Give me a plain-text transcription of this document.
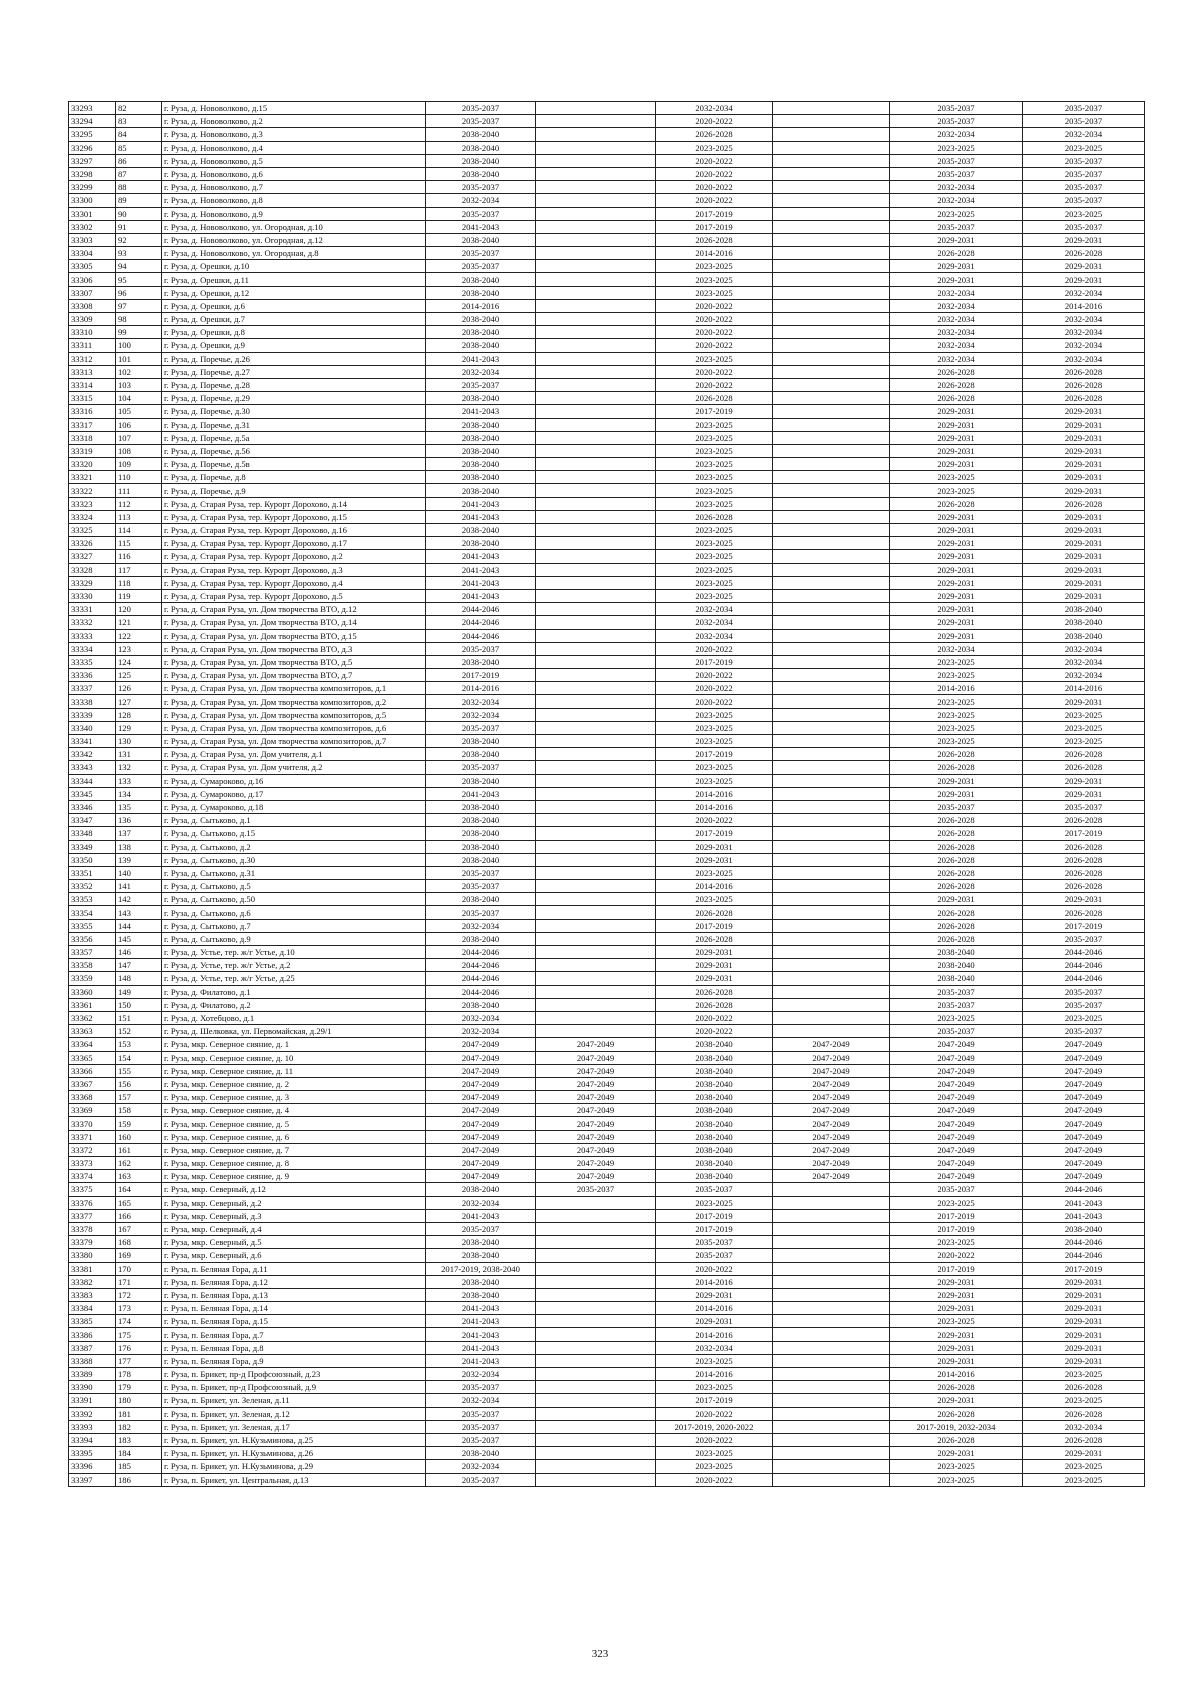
33293	82	г. Руза, д. Нововолково, д.15	2035-2037		2032-2034		2035-2037	2035-2037
33294	83	г. Руза, д. Нововолково, д.2	2035-2037		2020-2022		2035-2037	2035-2037
33295	84	г. Руза, д. Нововолково, д.3	2038-2040		2026-2028		2032-2034	2032-2034
33296	85	г. Руза, д. Нововолково, д.4	2038-2040		2023-2025		2023-2025	2023-2025
33297	86	г. Руза, д. Нововолково, д.5	2038-2040		2020-2022		2035-2037	2035-2037
33298	87	г. Руза, д. Нововолково, д.6	2038-2040		2020-2022		2035-2037	2035-2037
33299	88	г. Руза, д. Нововолково, д.7	2035-2037		2020-2022		2032-2034	2035-2037
33300	89	г. Руза, д. Нововолково, д.8	2032-2034		2020-2022		2032-2034	2035-2037
33301	90	г. Руза, д. Нововолково, д.9	2035-2037		2017-2019		2023-2025	2023-2025
33302	91	г. Руза, д. Нововолково, ул. Огородная, д.10	2041-2043		2017-2019		2035-2037	2035-2037
33303	92	г. Руза, д. Нововолково, ул. Огородная, д.12	2038-2040		2026-2028		2029-2031	2029-2031
33304	93	г. Руза, д. Нововолково, ул. Огородная, д.8	2035-2037		2014-2016		2026-2028	2026-2028
33305	94	г. Руза, д. Орешки, д.10	2035-2037		2023-2025		2029-2031	2029-2031
33306	95	г. Руза, д. Орешки, д.11	2038-2040		2023-2025		2029-2031	2029-2031
33307	96	г. Руза, д. Орешки, д.12	2038-2040		2023-2025		2032-2034	2032-2034
33308	97	г. Руза, д. Орешки, д.6	2014-2016		2020-2022		2032-2034	2014-2016
33309	98	г. Руза, д. Орешки, д.7	2038-2040		2020-2022		2032-2034	2032-2034
33310	99	г. Руза, д. Орешки, д.8	2038-2040		2020-2022		2032-2034	2032-2034
33311	100	г. Руза, д. Орешки, д.9	2038-2040		2020-2022		2032-2034	2032-2034
33312	101	г. Руза, д. Поречье, д.26	2041-2043		2023-2025		2032-2034	2032-2034
33313	102	г. Руза, д. Поречье, д.27	2032-2034		2020-2022		2026-2028	2026-2028
33314	103	г. Руза, д. Поречье, д.28	2035-2037		2020-2022		2026-2028	2026-2028
33315	104	г. Руза, д. Поречье, д.29	2038-2040		2026-2028		2026-2028	2026-2028
33316	105	г. Руза, д. Поречье, д.30	2041-2043		2017-2019		2029-2031	2029-2031
33317	106	г. Руза, д. Поречье, д.31	2038-2040		2023-2025		2029-2031	2029-2031
33318	107	г. Руза, д. Поречье, д.5а	2038-2040		2023-2025		2029-2031	2029-2031
33319	108	г. Руза, д. Поречье, д.56	2038-2040		2023-2025		2029-2031	2029-2031
33320	109	г. Руза, д. Поречье, д.5в	2038-2040		2023-2025		2029-2031	2029-2031
33321	110	г. Руза, д. Поречье, д.8	2038-2040		2023-2025		2023-2025	2029-2031
33322	111	г. Руза, д. Поречье, д.9	2038-2040		2023-2025		2023-2025	2029-2031
33323	112	г. Руза, д. Старая Руза, тер. Курорт Дорохово, д.14	2041-2043		2023-2025		2026-2028	2026-2028
33324	113	г. Руза, д. Старая Руза, тер. Курорт Дорохово, д.15	2041-2043		2026-2028		2029-2031	2029-2031
33325	114	г. Руза, д. Старая Руза, тер. Курорт Дорохово, д.16	2038-2040		2023-2025		2029-2031	2029-2031
33326	115	г. Руза, д. Старая Руза, тер. Курорт Дорохово, д.17	2038-2040		2023-2025		2029-2031	2029-2031
33327	116	г. Руза, д. Старая Руза, тер. Курорт Дорохово, д.2	2041-2043		2023-2025		2029-2031	2029-2031
33328	117	г. Руза, д. Старая Руза, тер. Курорт Дорохово, д.3	2041-2043		2023-2025		2029-2031	2029-2031
33329	118	г. Руза, д. Старая Руза, тер. Курорт Дорохово, д.4	2041-2043		2023-2025		2029-2031	2029-2031
33330	119	г. Руза, д. Старая Руза, тер. Курорт Дорохово, д.5	2041-2043		2023-2025		2029-2031	2029-2031
33331	120	г. Руза, д. Старая Руза, ул. Дом творчества ВТО, д.12	2044-2046		2032-2034		2029-2031	2038-2040
33332	121	г. Руза, д. Старая Руза, ул. Дом творчества ВТО, д.14	2044-2046		2032-2034		2029-2031	2038-2040
33333	122	г. Руза, д. Старая Руза, ул. Дом творчества ВТО, д.15	2044-2046		2032-2034		2029-2031	2038-2040
33334	123	г. Руза, д. Старая Руза, ул. Дом творчества ВТО, д.3	2035-2037		2020-2022		2032-2034	2032-2034
33335	124	г. Руза, д. Старая Руза, ул. Дом творчества ВТО, д.5	2038-2040		2017-2019		2023-2025	2032-2034
33336	125	г. Руза, д. Старая Руза, ул. Дом творчества ВТО, д.7	2017-2019		2020-2022		2023-2025	2032-2034
33337	126	г. Руза, д. Старая Руза, ул. Дом творчества композиторов, д.1	2014-2016		2020-2022		2014-2016	2014-2016
33338	127	г. Руза, д. Старая Руза, ул. Дом творчества композиторов, д.2	2032-2034		2020-2022		2023-2025	2029-2031
33339	128	г. Руза, д. Старая Руза, ул. Дом творчества композиторов, д.5	2032-2034		2023-2025		2023-2025	2023-2025
33340	129	г. Руза, д. Старая Руза, ул. Дом творчества композиторов, д.6	2035-2037		2023-2025		2023-2025	2023-2025
33341	130	г. Руза, д. Старая Руза, ул. Дом творчества композиторов, д.7	2038-2040		2023-2025		2023-2025	2023-2025
33342	131	г. Руза, д. Старая Руза, ул. Дом учителя, д.1	2038-2040		2017-2019		2026-2028	2026-2028
33343	132	г. Руза, д. Старая Руза, ул. Дом учителя, д.2	2035-2037		2023-2025		2026-2028	2026-2028
33344	133	г. Руза, д. Сумароково, д.16	2038-2040		2023-2025		2029-2031	2029-2031
33345	134	г. Руза, д. Сумароково, д.17	2041-2043		2014-2016		2029-2031	2029-2031
33346	135	г. Руза, д. Сумароково, д.18	2038-2040		2014-2016		2035-2037	2035-2037
33347	136	г. Руза, д. Сытьково, д.1	2038-2040		2020-2022		2026-2028	2026-2028
33348	137	г. Руза, д. Сытьково, д.15	2038-2040		2017-2019		2026-2028	2017-2019
33349	138	г. Руза, д. Сытьково, д.2	2038-2040		2029-2031		2026-2028	2026-2028
33350	139	г. Руза, д. Сытьково, д.30	2038-2040		2029-2031		2026-2028	2026-2028
33351	140	г. Руза, д. Сытьково, д.31	2035-2037		2023-2025		2026-2028	2026-2028
33352	141	г. Руза, д. Сытьково, д.5	2035-2037		2014-2016		2026-2028	2026-2028
33353	142	г. Руза, д. Сытьково, д.50	2038-2040		2023-2025		2029-2031	2029-2031
33354	143	г. Руза, д. Сытьково, д.6	2035-2037		2026-2028		2026-2028	2026-2028
33355	144	г. Руза, д. Сытьково, д.7	2032-2034		2017-2019		2026-2028	2017-2019
33356	145	г. Руза, д. Сытьково, д.9	2038-2040		2026-2028		2026-2028	2035-2037
33357	146	г. Руза, д. Устье, тер. ж/г Устье, д.10	2044-2046		2029-2031		2038-2040	2044-2046
33358	147	г. Руза, д. Устье, тер. ж/г Устье, д.2	2044-2046		2029-2031		2038-2040	2044-2046
33359	148	г. Руза, д. Устье, тер. ж/г Устье, д.25	2044-2046		2029-2031		2038-2040	2044-2046
33360	149	г. Руза, д. Филатово, д.1	2044-2046		2026-2028		2035-2037	2035-2037
33361	150	г. Руза, д. Филатово, д.2	2038-2040		2026-2028		2035-2037	2035-2037
33362	151	г. Руза, д. Хотебцово, д.1	2032-2034		2020-2022		2023-2025	2023-2025
33363	152	г. Руза, д. Шелковка, ул. Первомайская, д.29/1	2032-2034		2020-2022		2035-2037	2035-2037
33364	153	г. Руза, мкр. Северное сияние, д. 1	2047-2049	2047-2049	2038-2040	2047-2049	2047-2049	2047-2049
33365	154	г. Руза, мкр. Северное сияние, д. 10	2047-2049	2047-2049	2038-2040	2047-2049	2047-2049	2047-2049
33366	155	г. Руза, мкр. Северное сияние, д. 11	2047-2049	2047-2049	2038-2040	2047-2049	2047-2049	2047-2049
33367	156	г. Руза, мкр. Северное сияние, д. 2	2047-2049	2047-2049	2038-2040	2047-2049	2047-2049	2047-2049
33368	157	г. Руза, мкр. Северное сияние, д. 3	2047-2049	2047-2049	2038-2040	2047-2049	2047-2049	2047-2049
33369	158	г. Руза, мкр. Северное сияние, д. 4	2047-2049	2047-2049	2038-2040	2047-2049	2047-2049	2047-2049
33370	159	г. Руза, мкр. Северное сияние, д. 5	2047-2049	2047-2049	2038-2040	2047-2049	2047-2049	2047-2049
33371	160	г. Руза, мкр. Северное сияние, д. 6	2047-2049	2047-2049	2038-2040	2047-2049	2047-2049	2047-2049
33372	161	г. Руза, мкр. Северное сияние, д. 7	2047-2049	2047-2049	2038-2040	2047-2049	2047-2049	2047-2049
33373	162	г. Руза, мкр. Северное сияние, д. 8	2047-2049	2047-2049	2038-2040	2047-2049	2047-2049	2047-2049
33374	163	г. Руза, мкр. Северное сияние, д. 9	2047-2049	2047-2049	2038-2040	2047-2049	2047-2049	2047-2049
33375	164	г. Руза, мкр. Северный, д.12	2038-2040	2035-2037	2035-2037		2035-2037	2044-2046
33376	165	г. Руза, мкр. Северный, д.2	2032-2034		2023-2025		2023-2025	2041-2043
33377	166	г. Руза, мкр. Северный, д.3	2041-2043		2017-2019		2017-2019	2041-2043
33378	167	г. Руза, мкр. Северный, д.4	2035-2037		2017-2019		2017-2019	2038-2040
33379	168	г. Руза, мкр. Северный, д.5	2038-2040		2035-2037		2023-2025	2044-2046
33380	169	г. Руза, мкр. Северный, д.6	2038-2040		2035-2037		2020-2022	2044-2046
33381	170	г. Руза, п. Беляная Гора, д.11	2017-2019, 2038-2040		2020-2022		2017-2019	2017-2019
33382	171	г. Руза, п. Беляная Гора, д.12	2038-2040		2014-2016		2029-2031	2029-2031
33383	172	г. Руза, п. Беляная Гора, д.13	2038-2040		2029-2031		2029-2031	2029-2031
33384	173	г. Руза, п. Беляная Гора, д.14	2041-2043		2014-2016		2029-2031	2029-2031
33385	174	г. Руза, п. Беляная Гора, д.15	2041-2043		2029-2031		2023-2025	2029-2031
33386	175	г. Руза, п. Беляная Гора, д.7	2041-2043		2014-2016		2029-2031	2029-2031
33387	176	г. Руза, п. Беляная Гора, д.8	2041-2043		2032-2034		2029-2031	2029-2031
33388	177	г. Руза, п. Беляная Гора, д.9	2041-2043		2023-2025		2029-2031	2029-2031
33389	178	г. Руза, п. Брикет, пр-д Профсоюзный, д.23	2032-2034		2014-2016		2014-2016	2023-2025
33390	179	г. Руза, п. Брикет, пр-д Профсоюзный, д.9	2035-2037		2023-2025		2026-2028	2026-2028
33391	180	г. Руза, п. Брикет, ул. Зеленая, д.11	2032-2034		2017-2019		2029-2031	2023-2025
33392	181	г. Руза, п. Брикет, ул. Зеленая, д.12	2035-2037		2020-2022		2026-2028	2026-2028
33393	182	г. Руза, п. Брикет, ул. Зеленая, д.17	2035-2037		2017-2019, 2020-2022		2017-2019, 2032-2034	2032-2034
33394	183	г. Руза, п. Брикет, ул. Н.Кузьминова, д.25	2035-2037		2020-2022		2026-2028	2026-2028
33395	184	г. Руза, п. Брикет, ул. Н.Кузьминова, д.26	2038-2040		2023-2025		2029-2031	2029-2031
33396	185	г. Руза, п. Брикет, ул. Н.Кузьминова, д.29	2032-2034		2023-2025		2023-2025	2023-2025
33397	186	г. Руза, п. Брикет, ул. Центральная, д.13	2035-2037		2020-2022		2023-2025	2023-2025
323
